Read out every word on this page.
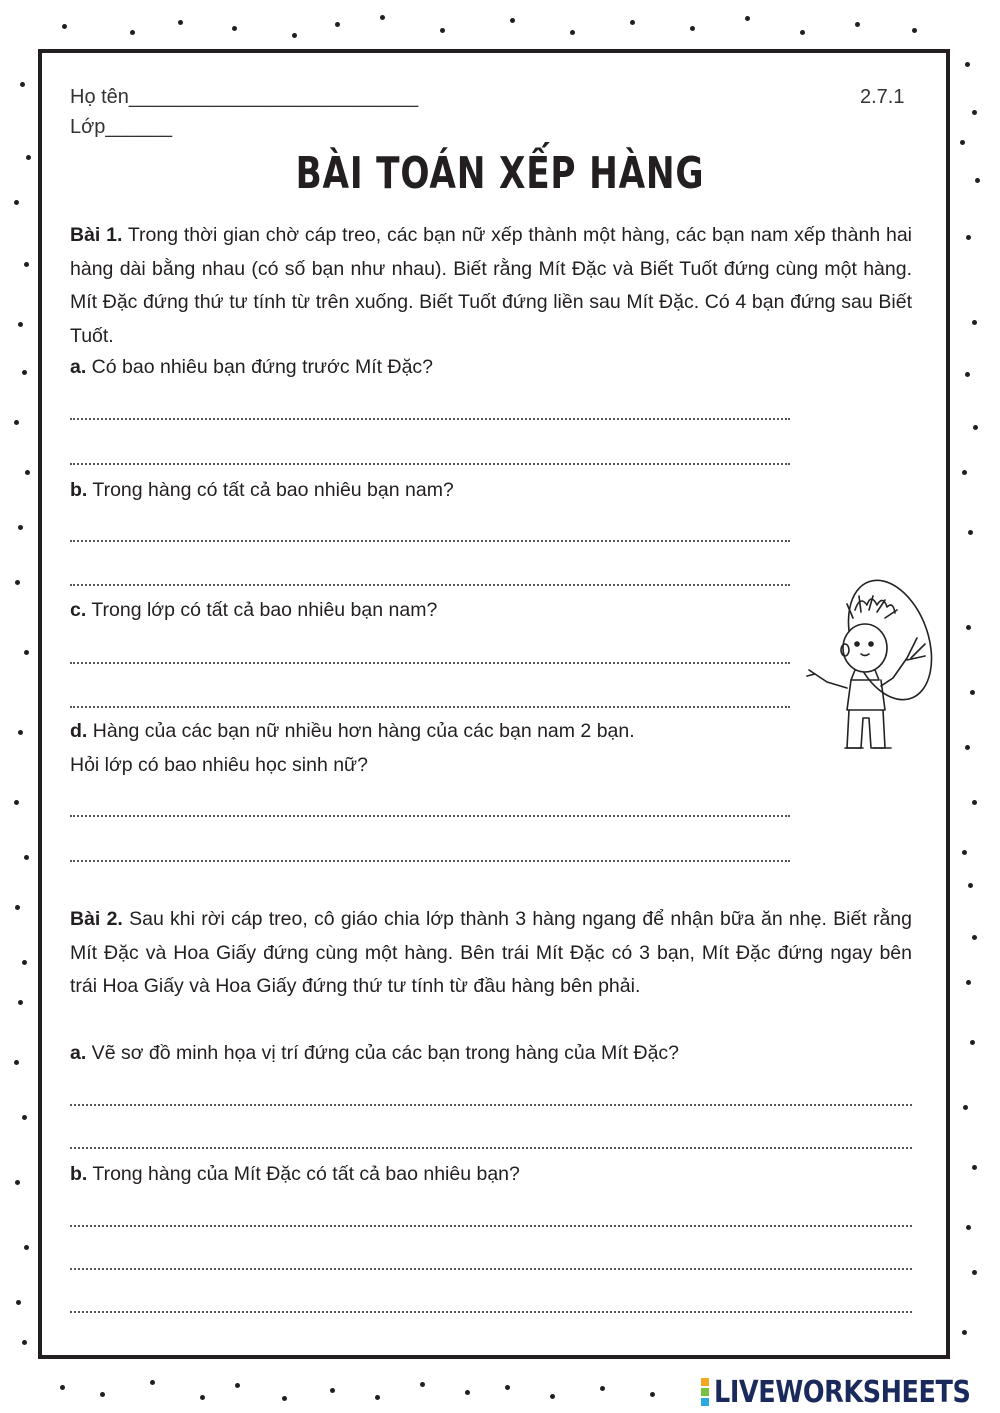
Họ tên__________________________
Lớp______
2.7.1
BÀI TOÁN XẾP HÀNG
Bài 1. Trong thời gian chờ cáp treo, các bạn nữ xếp thành một hàng, các bạn nam xếp thành hai hàng dài bằng nhau (có số bạn như nhau). Biết rằng Mít Đặc và Biết Tuốt đứng cùng một hàng. Mít Đặc đứng thứ tư tính từ trên xuống. Biết Tuốt đứng liền sau Mít Đặc. Có 4 bạn đứng sau Biết Tuốt.
a. Có bao nhiêu bạn đứng trước Mít Đặc?
b. Trong hàng có tất cả bao nhiêu bạn nam?
c. Trong lớp có tất cả bao nhiêu bạn nam?
d. Hàng của các bạn nữ nhiều hơn hàng của các bạn nam 2 bạn.
Hỏi lớp có bao nhiêu học sinh nữ?
Bài 2. Sau khi rời cáp treo, cô giáo chia lớp thành 3 hàng ngang để nhận bữa ăn nhẹ. Biết rằng Mít Đặc và Hoa Giấy đứng cùng một hàng. Bên trái Mít Đặc có 3 bạn, Mít Đặc đứng ngay bên trái Hoa Giấy và Hoa Giấy đứng thứ tư tính từ đầu hàng bên phải.
a. Vẽ sơ đồ minh họa vị trí đứng của các bạn trong hàng của Mít Đặc?
b. Trong hàng của Mít Đặc có tất cả bao nhiêu bạn?
LIVEWORKSHEETS
